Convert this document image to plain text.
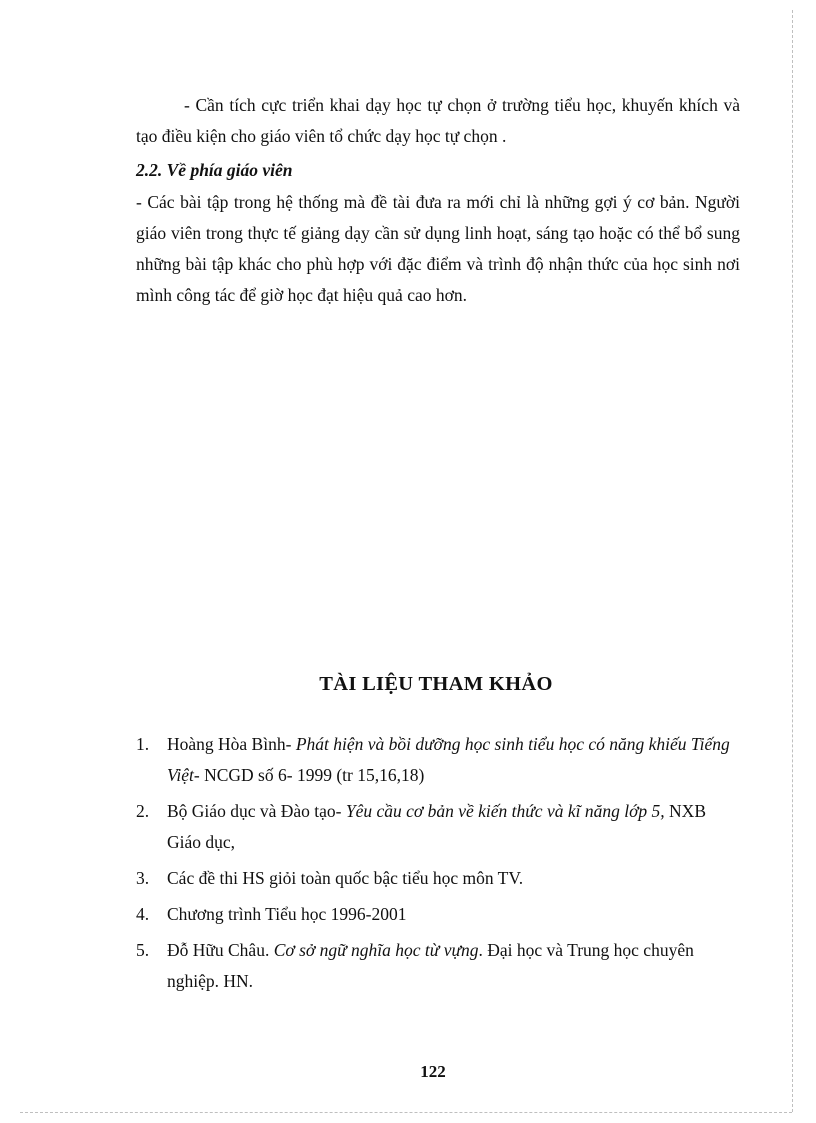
- Cần tích cực triển khai dạy học tự chọn ở trường tiểu học, khuyến khích và tạo điều kiện cho giáo viên tổ chức dạy học tự chọn .

2.2. Về phía giáo viên

- Các bài tập trong hệ thống mà đề tài đưa ra mới chỉ là những gợi ý cơ bản. Người giáo viên trong thực tế giảng dạy cần sử dụng linh hoạt, sáng tạo hoặc có thể bổ sung những bài tập khác cho phù hợp với đặc điểm và trình độ nhận thức của học sinh nơi mình công tác để giờ học đạt hiệu quả cao hơn.

TÀI LIỆU THAM KHẢO
1. Hoàng Hòa Bình- Phát hiện và bồi dưỡng học sinh tiểu học có năng khiếu Tiếng Việt- NCGD số 6- 1999 (tr 15,16,18)
2. Bộ Giáo dục và Đào tạo- Yêu cầu cơ bản về kiến thức và kĩ năng lớp 5, NXB Giáo dục,
3. Các đề thi HS giỏi toàn quốc bậc tiểu học môn TV.
4. Chương trình Tiểu học 1996-2001
5. Đỗ Hữu Châu. Cơ sở ngữ nghĩa học từ vựng. Đại học và Trung học chuyên nghiệp. HN.
122
